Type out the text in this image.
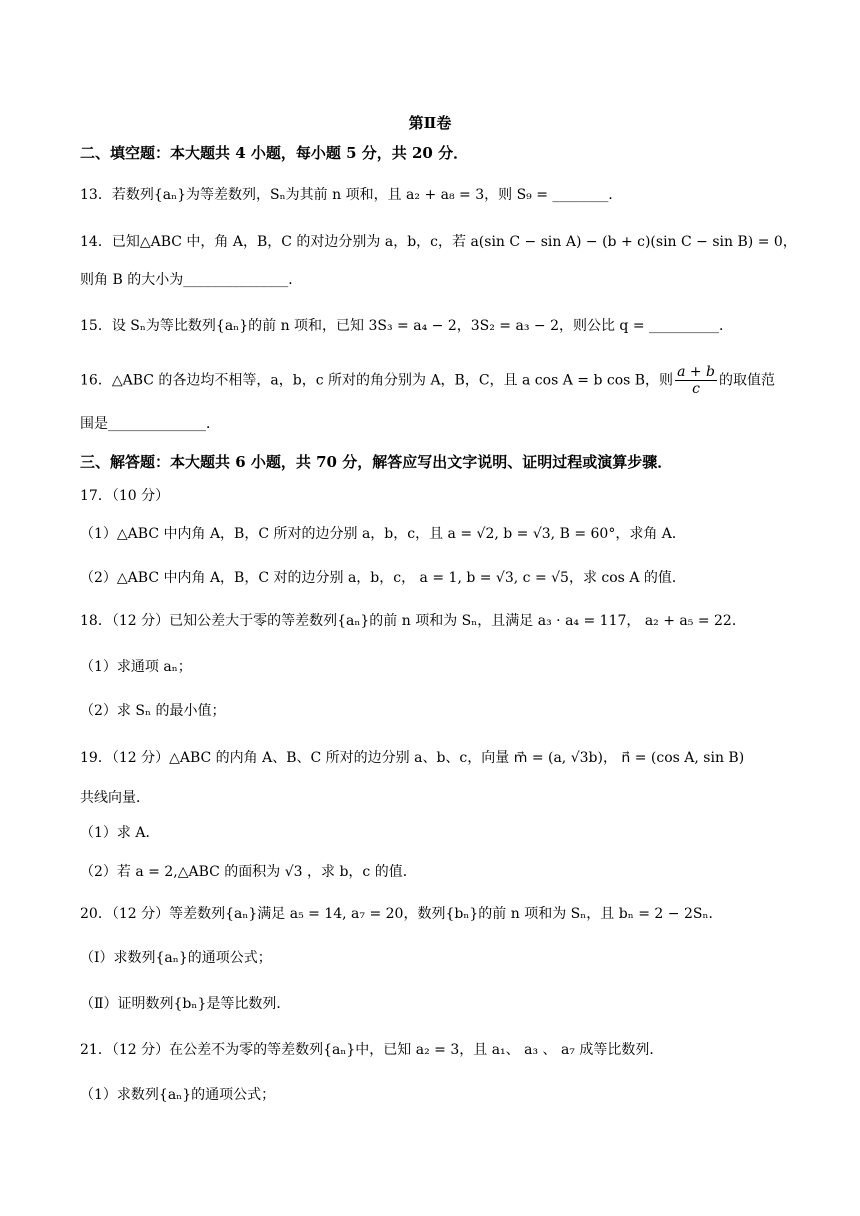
第Ⅱ卷
二、填空题：本大题共 4 小题，每小题 5 分，共 20 分．
13．若数列{aₙ}为等差数列，Sₙ为其前 n 项和，且 a₂ + a₈ = 3，则 S₉ = ________．
14．已知△ABC 中，角 A，B，C 的对边分别为 a，b，c，若 a(sin C − sin A) − (b + c)(sin C − sin B) = 0，
则角 B 的大小为_______________．
15．设 Sₙ为等比数列{aₙ}的前 n 项和，已知 3S₃ = a₄ − 2，3S₂ = a₃ − 2，则公比 q = __________．
16．△ABC 的各边均不相等，a，b，c 所对的角分别为 A，B，C，且 a cos A = b cos B，则 $\frac{a + b}{c}$ 的取值范
围是______________．
三、解答题：本大题共 6 小题，共 70 分，解答应写出文字说明、证明过程或演算步骤．
17．（10 分）
（1）△ABC 中内角 A，B，C 所对的边分别 a，b，c，且 a = √2, b = √3, B = 60°，求角 A．
（2）△ABC 中内角 A，B，C 对的边分别 a，b，c， a = 1, b = √3, c = √5，求 cos A 的值．
18．（12 分）已知公差大于零的等差数列{aₙ}的前 n 项和为 Sₙ，且满足 a₃ · a₄ = 117， a₂ + a₅ = 22．
（1）求通项 aₙ；
（2）求 Sₙ 的最小值；
19．（12 分）△ABC 的内角 A、B、C 所对的边分别 a、b、c，向量 m⃗ = (a, √3b)， n⃗ = (cos A, sin B)
共线向量．
（1）求 A．
（2）若 a = 2,△ABC 的面积为 √3 ，求 b，c 的值．
20．（12 分）等差数列{aₙ}满足 a₅ = 14, a₇ = 20，数列{bₙ}的前 n 项和为 Sₙ，且 bₙ = 2 − 2Sₙ．
（Ⅰ）求数列{aₙ}的通项公式；
（Ⅱ）证明数列{bₙ}是等比数列．
21．（12 分）在公差不为零的等差数列{aₙ}中，已知 a₂ = 3，且 a₁、 a₃ 、 a₇ 成等比数列．
（1）求数列{aₙ}的通项公式；
